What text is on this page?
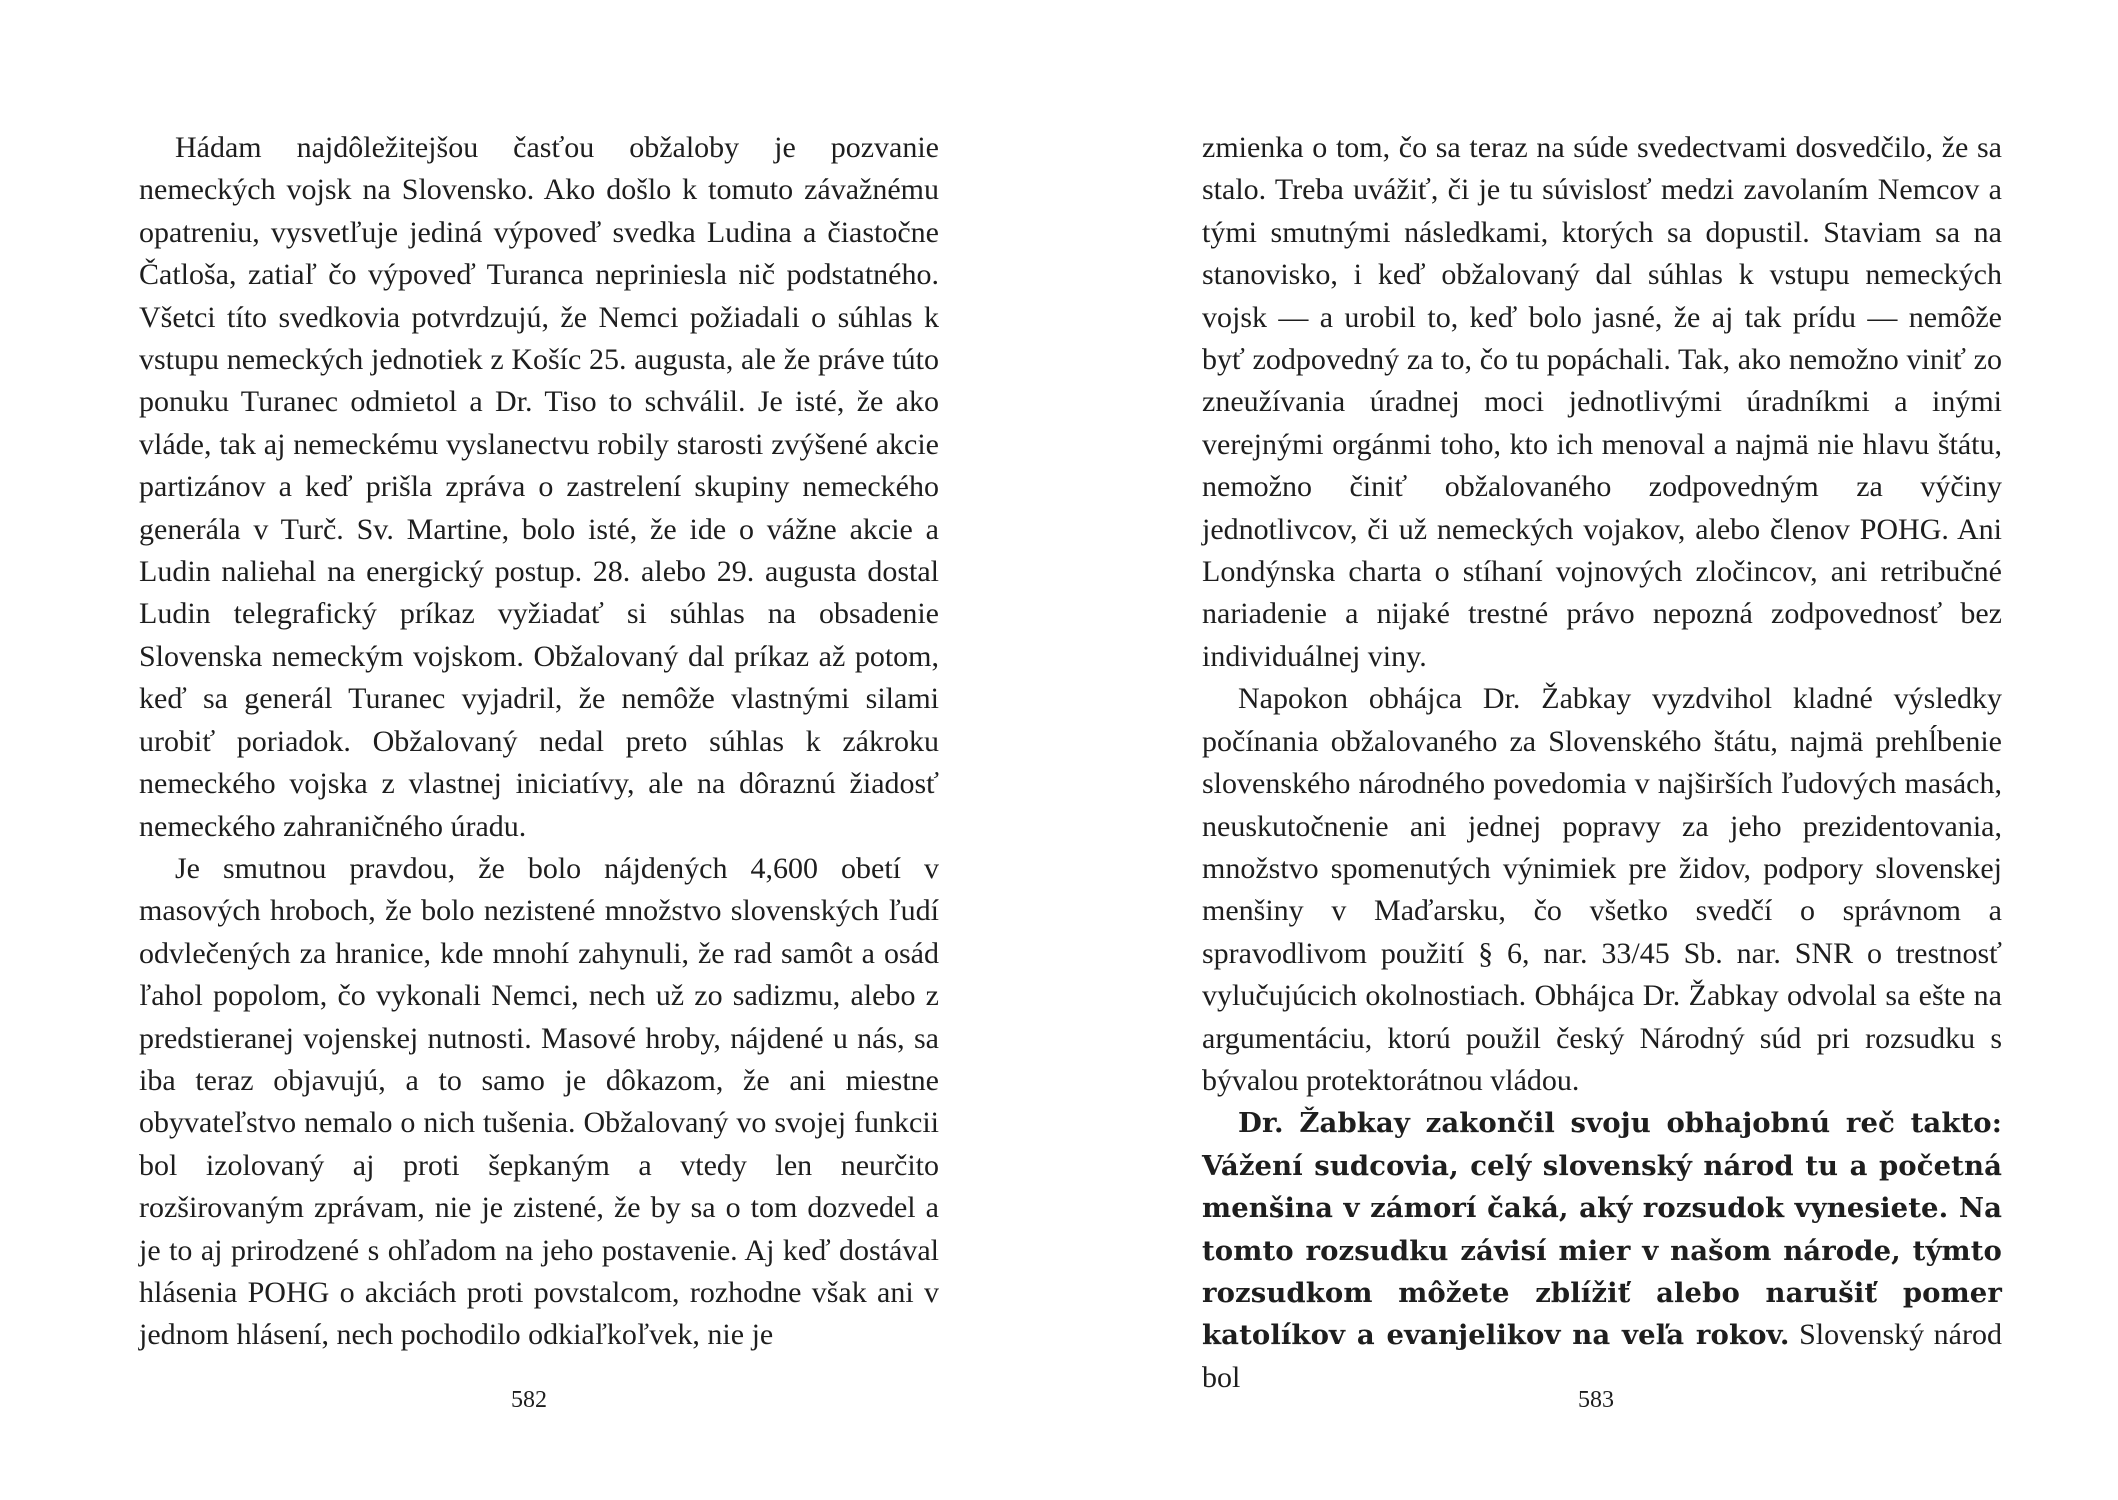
Hádam najdôležitejšou časťou obžaloby je pozvanie nemeckých vojsk na Slovensko. Ako došlo k tomuto závažnému opatreniu, vysvetľuje jediná výpoveď svedka Ludina a čiastočne Čatloša, zatiaľ čo výpoveď Turanca nepriniesla nič podstatného. Všetci títo svedkovia potvrdzujú, že Nemci požiadali o súhlas k vstupu nemeckých jednotiek z Košíc 25. augusta, ale že práve túto ponuku Turanec odmietol a Dr. Tiso to schválil. Je isté, že ako vláde, tak aj nemeckému vyslanectvu robily starosti zvýšené akcie partizánov a keď prišla zpráva o zastrelení skupiny nemeckého generála v Turč. Sv. Martine, bolo isté, že ide o vážne akcie a Ludin naliehal na energický postup. 28. alebo 29. augusta dostal Ludin telegrafický príkaz vyžiadať si súhlas na obsadenie Slovenska nemeckým vojskom. Obžalovaný dal príkaz až potom, keď sa generál Turanec vyjadril, že nemôže vlastnými silami urobiť poriadok. Obžalovaný nedal preto súhlas k zákroku nemeckého vojska z vlastnej iniciatívy, ale na dôraznú žiadosť nemeckého zahraničného úradu.

Je smutnou pravdou, že bolo nájdených 4,600 obetí v masových hroboch, že bolo nezistené množstvo slovenských ľudí odvlečených za hranice, kde mnohí zahynuli, že rad samôt a osád ľahol popolom, čo vykonali Nemci, nech už zo sadizmu, alebo z predstieranej vojenskej nutnosti. Masové hroby, nájdené u nás, sa iba teraz objavujú, a to samo je dôkazom, že ani miestne obyvateľstvo nemalo o nich tušenia. Obžalovaný vo svojej funkcii bol izolovaný aj proti šepkaným a vtedy len neurčito rozširovaným zprávam, nie je zistené, že by sa o tom dozvedel a je to aj prirodzené s ohľadom na jeho postavenie. Aj keď dostával hlásenia POHG o akciách proti povstalcom, rozhodne však ani v jednom hlásení, nech pochodilo odkiaľkoľvek, nie je

582

zmienka o tom, čo sa teraz na súde svedectvami dosvedčilo, že sa stalo. Treba uvážiť, či je tu súvislosť medzi zavolaním Nemcov a tými smutnými následkami, ktorých sa dopustil. Staviam sa na stanovisko, i keď obžalovaný dal súhlas k vstupu nemeckých vojsk — a urobil to, keď bolo jasné, že aj tak prídu — nemôže byť zodpovedný za to, čo tu popáchali. Tak, ako nemožno viniť zo zneužívania úradnej moci jednotlivými úradníkmi a inými verejnými orgánmi toho, kto ich menoval a najmä nie hlavu štátu, nemožno činiť obžalovaného zodpovedným za výčiny jednotlivcov, či už nemeckých vojakov, alebo členov POHG. Ani Londýnska charta o stíhaní vojnových zločincov, ani retribučné nariadenie a nijaké trestné právo nepozná zodpovednosť bez individuálnej viny.

Napokon obhájca Dr. Žabkay vyzdvihol kladné výsledky počínania obžalovaného za Slovenského štátu, najmä prehĺbenie slovenského národného povedomia v najširších ľudových masách, neuskutočnenie ani jednej popravy za jeho prezidentovania, množstvo spomenutých výnimiek pre židov, podpory slovenskej menšiny v Maďarsku, čo všetko svedčí o správnom a spravodlivom použití § 6, nar. 33/45 Sb. nar. SNR o trestnosť vylučujúcich okolnostiach. Obhájca Dr. Žabkay odvolal sa ešte na argumentáciu, ktorú použil český Národný súd pri rozsudku s bývalou protektorátnou vládou.

Dr. Žabkay zakončil svoju obhajobnú reč takto: Vážení sudcovia, celý slovenský národ tu a početná menšina v zámorí čaká, aký rozsudok vynesiete. Na tomto rozsudku závisí mier v našom národe, týmto rozsudkom môžete zblížiť alebo narušiť pomer katolíkov a evanjelikov na veľa rokov. Slovenský národ bol

583
